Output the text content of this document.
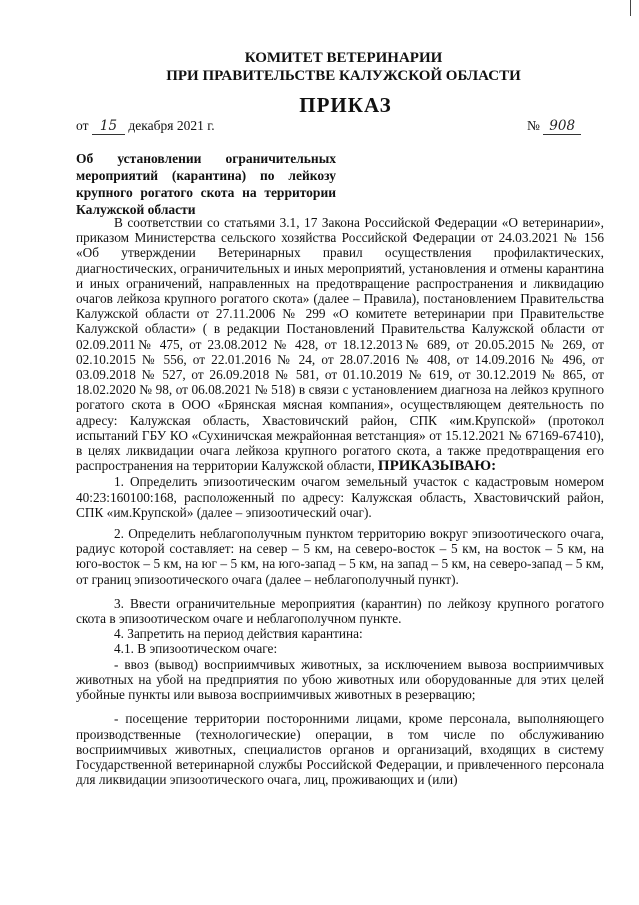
КОМИТЕТ ВЕТЕРИНАРИИ
ПРИ ПРАВИТЕЛЬСТВЕ КАЛУЖСКОЙ ОБЛАСТИ
ПРИКАЗ
от 15 декабря 2021 г.	№ 908
Об установлении ограничительных мероприятий (карантина) по лейкозу крупного рогатого скота на территории Калужской области

В соответствии со статьями 3.1, 17 Закона Российской Федерации «О ветеринарии», приказом Министерства сельского хозяйства Российской Федерации от 24.03.2021 № 156 «Об утверждении Ветеринарных правил осуществления профилактических, диагностических, ограничительных и иных мероприятий, установления и отмены карантина и иных ограничений, направленных на предотвращение распространения и ликвидацию очагов лейкоза крупного рогатого скота» (далее – Правила), постановлением Правительства Калужской области от 27.11.2006 № 299 «О комитете ветеринарии при Правительстве Калужской области» ( в редакции Постановлений Правительства Калужской области от 02.09.2011№ 475, от 23.08.2012 № 428, от 18.12.2013№ 689, от 20.05.2015 № 269, от 02.10.2015 № 556, от 22.01.2016 № 24, от 28.07.2016 № 408, от 14.09.2016 № 496, от 03.09.2018 № 527, от 26.09.2018 № 581, от 01.10.2019 № 619, от 30.12.2019 № 865, от 18.02.2020 № 98, от 06.08.2021 № 518) в связи с установлением диагноза на лейкоз крупного рогатого скота в ООО «Брянская мясная компания», осуществляющем деятельность по адресу: Калужская область, Хвастовичский район, СПК «им.Крупской» (протокол испытаний ГБУ КО «Сухиничская межрайонная ветстанция» от 15.12.2021 № 67169-67410), в целях ликвидации очага лейкоза крупного рогатого скота, а также предотвращения его распространения на территории Калужской области, ПРИКАЗЫВАЮ:

1. Определить эпизоотическим очагом земельный участок с кадастровым номером 40:23:160100:168, расположенный по адресу: Калужская область, Хвастовичский район, СПК «им.Крупской» (далее – эпизоотический очаг).

2. Определить неблагополучным пунктом территорию вокруг эпизоотического очага, радиус которой составляет: на север – 5 км, на северо-восток – 5 км, на восток – 5 км, на юго-восток – 5 км, на юг – 5 км, на юго-запад – 5 км, на запад – 5 км, на северо-запад – 5 км, от границ эпизоотического очага (далее – неблагополучный пункт).

3. Ввести ограничительные мероприятия (карантин) по лейкозу крупного рогатого скота в эпизоотическом очаге и неблагополучном пункте.

4. Запретить на период действия карантина:

4.1. В эпизоотическом очаге:

- ввоз (вывод) восприимчивых животных, за исключением вывоза восприимчивых животных на убой на предприятия по убою животных или оборудованные для этих целей убойные пункты или вывоза восприимчивых животных в резервацию;

- посещение территории посторонними лицами, кроме персонала, выполняющего производственные (технологические) операции, в том числе по обслуживанию восприимчивых животных, специалистов органов и организаций, входящих в систему Государственной ветеринарной службы Российской Федерации, и привлеченного персонала для ликвидации эпизоотического очага, лиц, проживающих и (или)
